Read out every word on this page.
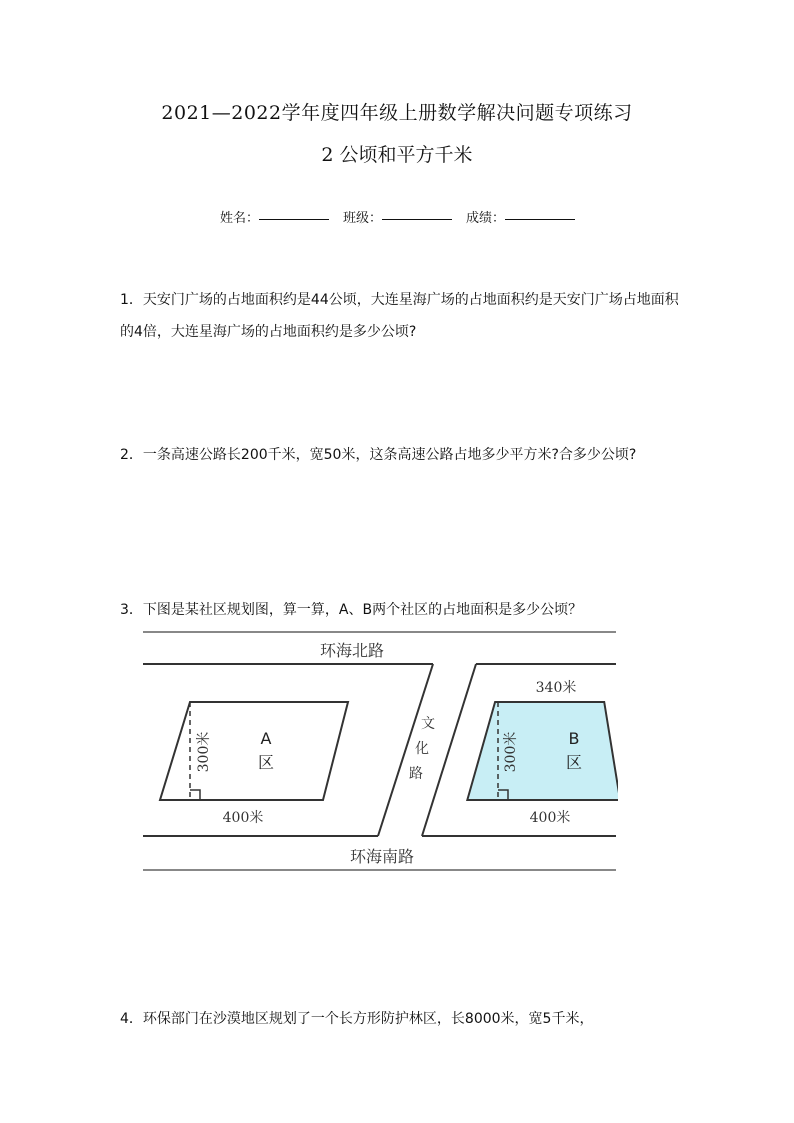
2021—2022学年度四年级上册数学解决问题专项练习
2 公顷和平方千米
姓名：	班级：	成绩：
1．天安门广场的占地面积约是44公顷，大连星海广场的占地面积约是天安门广场占地面积的4倍，大连星海广场的占地面积约是多少公顷?
2．一条高速公路长200千米，宽50米，这条高速公路占地多少平方米?合多少公顷?
3．下图是某社区规划图，算一算，A、B两个社区的占地面积是多少公顷？
环海北路
文
化
路
环海南路
300米	A
区
400米
300米	B
区
340米
400米
4．环保部门在沙漠地区规划了一个长方形防护林区，长8000米，宽5千米，
